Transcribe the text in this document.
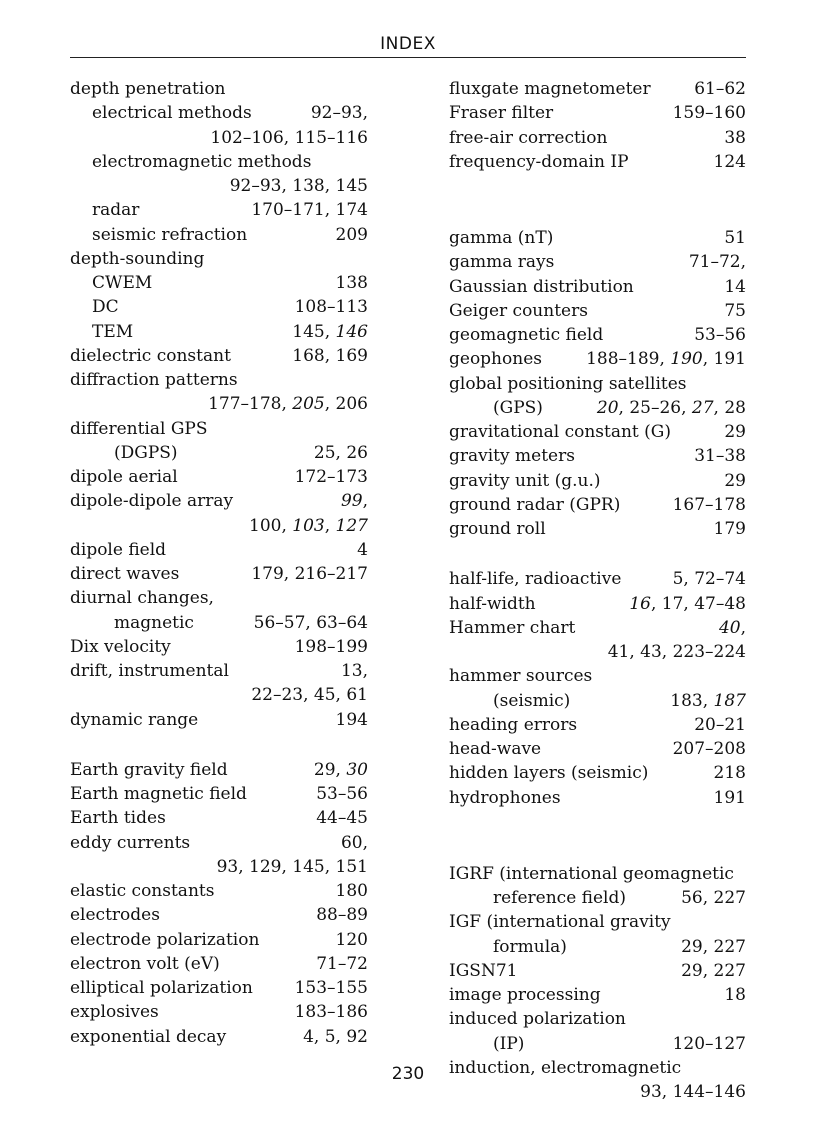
INDEX
depth penetration
electrical methods	92–93,
102–106, 115–116
electromagnetic methods
92–93, 138, 145
radar	170–171, 174
seismic refraction	209
depth-sounding
CWEM	138
DC	108–113
TEM	145, 146
dielectric constant	168, 169
diffraction patterns
177–178, 205, 206
differential GPS
(DGPS)	25, 26
dipole aerial	172–173
dipole-dipole array	99,
100, 103, 127
dipole field	4
direct waves	179, 216–217
diurnal changes,
magnetic	56–57, 63–64
Dix velocity	198–199
drift, instrumental	13,
22–23, 45, 61
dynamic range	194
Earth gravity field	29, 30
Earth magnetic field	53–56
Earth tides	44–45
eddy currents	60,
93, 129, 145, 151
elastic constants	180
electrodes	88–89
electrode polarization	120
electron volt (eV)	71–72
elliptical polarization 153–155
explosives	183–186
exponential decay	4, 5, 92
fluxgate magnetometer	61–62
Fraser filter	159–160
free-air correction	38
frequency-domain IP	124
gamma (nT)	51
gamma rays	71–72,
Gaussian distribution	14
Geiger counters	75
geomagnetic field	53–56
geophones	188–189, 190, 191
global positioning satellites
(GPS)	20, 25–26, 27, 28
gravitational constant (G)	29
gravity meters	31–38
gravity unit (g.u.)	29
ground radar (GPR)	167–178
ground roll	179
half-life, radioactive	5, 72–74
half-width	16, 17, 47–48
Hammer chart	40,
41, 43, 223–224
hammer sources
(seismic)	183, 187
heading errors	20–21
head-wave	207–208
hidden layers (seismic)	218
hydrophones	191
IGRF (international geomagnetic
reference field)	56, 227
IGF (international gravity
formula)	29, 227
IGSN71	29, 227
image processing	18
induced polarization
(IP)	120–127
induction, electromagnetic
93, 144–146
230
